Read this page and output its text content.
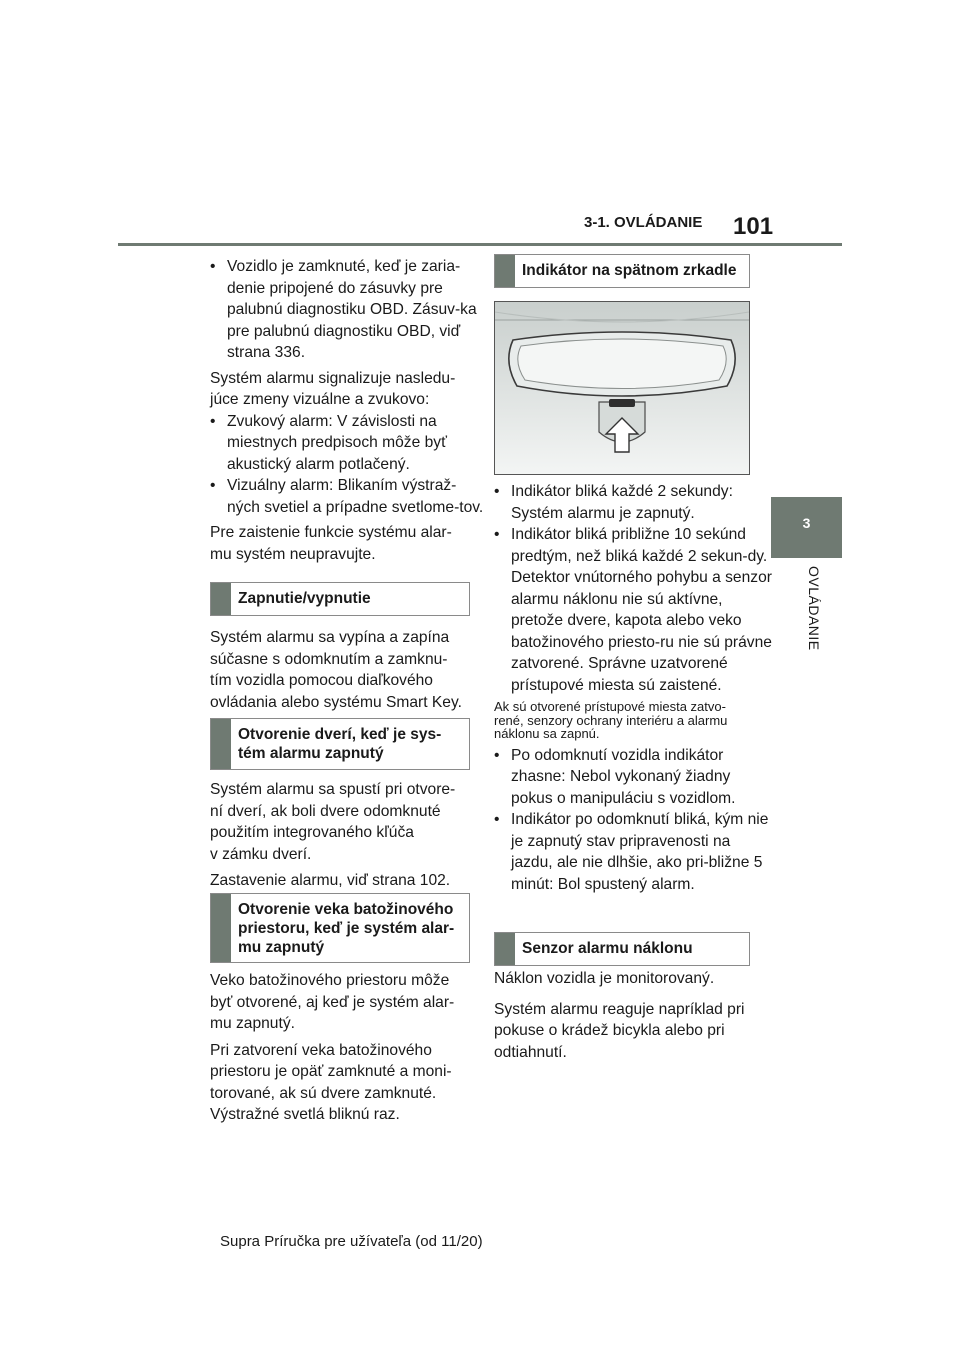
3-1. OVLÁDANIE 101
3
OVLÁDANIE
• Vozidlo je zamknuté, keď je zaria-denie pripojené do zásuvky pre palubnú diagnostiku OBD. Zásuv-ka pre palubnú diagnostiku OBD, viď strana 336.

Systém alarmu signalizuje nasledu-

júce zmeny vizuálne a zvukovo:

• Zvukový alarm: V závislosti na miestnych predpisoch môže byť akustický alarm potlačený.
• Vizuálny alarm: Blikaním výstraž-ných svetiel a prípadne svetlome-tov.

Pre zaistenie funkcie systému alar-

mu systém neupravujte.

Zapnutie/vypnutie

Systém alarmu sa vypína a zapína

súčasne s odomknutím a zamknu-

tím vozidla pomocou diaľkového

ovládania alebo systému Smart Key.

Otvorenie dverí, keď je sys-tém alarmu zapnutý

Systém alarmu sa spustí pri otvore-

ní dverí, ak boli dvere odomknuté

použitím integrovaného kľúča

v zámku dverí.

Zastavenie alarmu, viď strana 102.

Otvorenie veka batožinového priestoru, keď je systém alar-mu zapnutý

Veko batožinového priestoru môže

byť otvorené, aj keď je systém alar-

mu zapnutý.

Pri zatvorení veka batožinového

priestoru je opäť zamknuté a moni-

torované, ak sú dvere zamknuté.

Výstražné svetlá bliknú raz.

Indikátor na spätnom zrkadle
• Indikátor bliká každé 2 sekundy: Systém alarmu je zapnutý.
• Indikátor bliká približne 10 sekúnd predtým, než bliká každé 2 sekun-dy. Detektor vnútorného pohybu a senzor alarmu náklonu nie sú aktívne, pretože dvere, kapota alebo veko batožinového priesto-ru nie sú právne zatvorené. Správne uzatvorené prístupové miesta sú zaistené.

Ak sú otvorené prístupové miesta zatvo-

rené, senzory ochrany interiéru a alarmu

náklonu sa zapnú.

• Po odomknutí vozidla indikátor zhasne: Nebol vykonaný žiadny pokus o manipuláciu s vozidlom.
• Indikátor po odomknutí bliká, kým nie je zapnutý stav pripravenosti na jazdu, ale nie dlhšie, ako pri-bližne 5 minút: Bol spustený alarm.
Senzor alarmu náklonu

Náklon vozidla je monitorovaný.

Systém alarmu reaguje napríklad pri

pokuse o krádež bicykla alebo pri

odtiahnutí.

Supra Príručka pre užívateľa (od 11/20)
